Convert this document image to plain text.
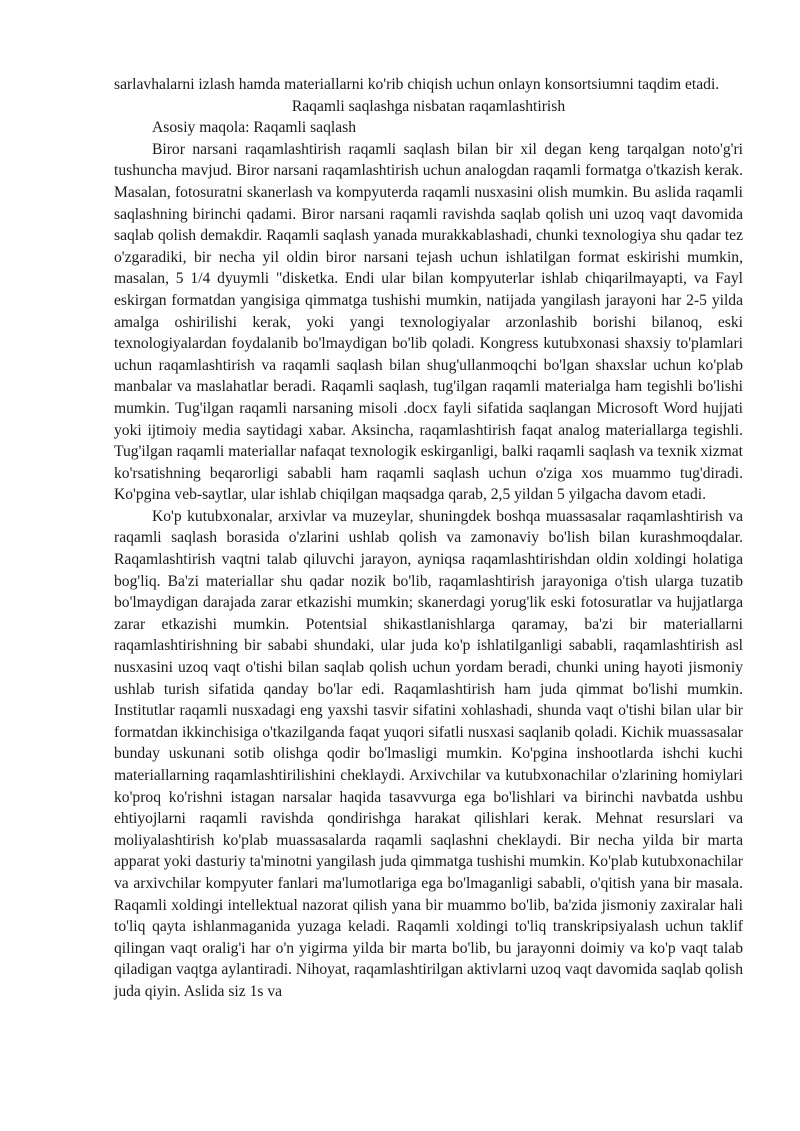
sarlavhalarni izlash hamda materiallarni ko'rib chiqish uchun onlayn konsortsiumni taqdim etadi.

Raqamli saqlashga nisbatan raqamlashtirish

Asosiy maqola: Raqamli saqlash

Biror narsani raqamlashtirish raqamli saqlash bilan bir xil degan keng tarqalgan noto'g'ri tushuncha mavjud. Biror narsani raqamlashtirish uchun analogdan raqamli formatga o'tkazish kerak. Masalan, fotosuratni skanerlash va kompyuterda raqamli nusxasini olish mumkin. Bu aslida raqamli saqlashning birinchi qadami. Biror narsani raqamli ravishda saqlab qolish uni uzoq vaqt davomida saqlab qolish demakdir. Raqamli saqlash yanada murakkablashadi, chunki texnologiya shu qadar tez o'zgaradiki, bir necha yil oldin biror narsani tejash uchun ishlatilgan format eskirishi mumkin, masalan, 5 1/4 dyuymli "disketka. Endi ular bilan kompyuterlar ishlab chiqarilmayapti, va Fayl eskirgan formatdan yangisiga qimmatga tushishi mumkin, natijada yangilash jarayoni har 2-5 yilda amalga oshirilishi kerak, yoki yangi texnologiyalar arzonlashib borishi bilanoq, eski texnologiyalardan foydalanib bo'lmaydigan bo'lib qoladi. Kongress kutubxonasi shaxsiy to'plamlari uchun raqamlashtirish va raqamli saqlash bilan shug'ullanmoqchi bo'lgan shaxslar uchun ko'plab manbalar va maslahatlar beradi. Raqamli saqlash, tug'ilgan raqamli materialga ham tegishli bo'lishi mumkin. Tug'ilgan raqamli narsaning misoli .docx fayli sifatida saqlangan Microsoft Word hujjati yoki ijtimoiy media saytidagi xabar. Aksincha, raqamlashtirish faqat analog materiallarga tegishli. Tug'ilgan raqamli materiallar nafaqat texnologik eskirganligi, balki raqamli saqlash va texnik xizmat ko'rsatishning beqarorligi sababli ham raqamli saqlash uchun o'ziga xos muammo tug'diradi. Ko'pgina veb-saytlar, ular ishlab chiqilgan maqsadga qarab, 2,5 yildan 5 yilgacha davom etadi.

Ko'p kutubxonalar, arxivlar va muzeylar, shuningdek boshqa muassasalar raqamlashtirish va raqamli saqlash borasida o'zlarini ushlab qolish va zamonaviy bo'lish bilan kurashmoqdalar. Raqamlashtirish vaqtni talab qiluvchi jarayon, ayniqsa raqamlashtirishdan oldin xoldingi holatiga bog'liq. Ba'zi materiallar shu qadar nozik bo'lib, raqamlashtirish jarayoniga o'tish ularga tuzatib bo'lmaydigan darajada zarar etkazishi mumkin; skanerdagi yorug'lik eski fotosuratlar va hujjatlarga zarar etkazishi mumkin. Potentsial shikastlanishlarga qaramay, ba'zi bir materiallarni raqamlashtirishning bir sababi shundaki, ular juda ko'p ishlatilganligi sababli, raqamlashtirish asl nusxasini uzoq vaqt o'tishi bilan saqlab qolish uchun yordam beradi, chunki uning hayoti jismoniy ushlab turish sifatida qanday bo'lar edi. Raqamlashtirish ham juda qimmat bo'lishi mumkin. Institutlar raqamli nusxadagi eng yaxshi tasvir sifatini xohlashadi, shunda vaqt o'tishi bilan ular bir formatdan ikkinchisiga o'tkazilganda faqat yuqori sifatli nusxasi saqlanib qoladi. Kichik muassasalar bunday uskunani sotib olishga qodir bo'lmasligi mumkin. Ko'pgina inshootlarda ishchi kuchi materiallarning raqamlashtirilishini cheklaydi. Arxivchilar va kutubxonachilar o'zlarining homiylari ko'proq ko'rishni istagan narsalar haqida tasavvurga ega bo'lishlari va birinchi navbatda ushbu ehtiyojlarni raqamli ravishda qondirishga harakat qilishlari kerak. Mehnat resurslari va moliyalashtirish ko'plab muassasalarda raqamli saqlashni cheklaydi. Bir necha yilda bir marta apparat yoki dasturiy ta'minotni yangilash juda qimmatga tushishi mumkin. Ko'plab kutubxonachilar va arxivchilar kompyuter fanlari ma'lumotlariga ega bo'lmaganligi sababli, o'qitish yana bir masala. Raqamli xoldingi intellektual nazorat qilish yana bir muammo bo'lib, ba'zida jismoniy zaxiralar hali to'liq qayta ishlanmaganida yuzaga keladi. Raqamli xoldingi to'liq transkripsiyalash uchun taklif qilingan vaqt oralig'i har o'n yigirma yilda bir marta bo'lib, bu jarayonni doimiy va ko'p vaqt talab qiladigan vaqtga aylantiradi. Nihoyat, raqamlashtirilgan aktivlarni uzoq vaqt davomida saqlab qolish juda qiyin. Aslida siz 1s va
